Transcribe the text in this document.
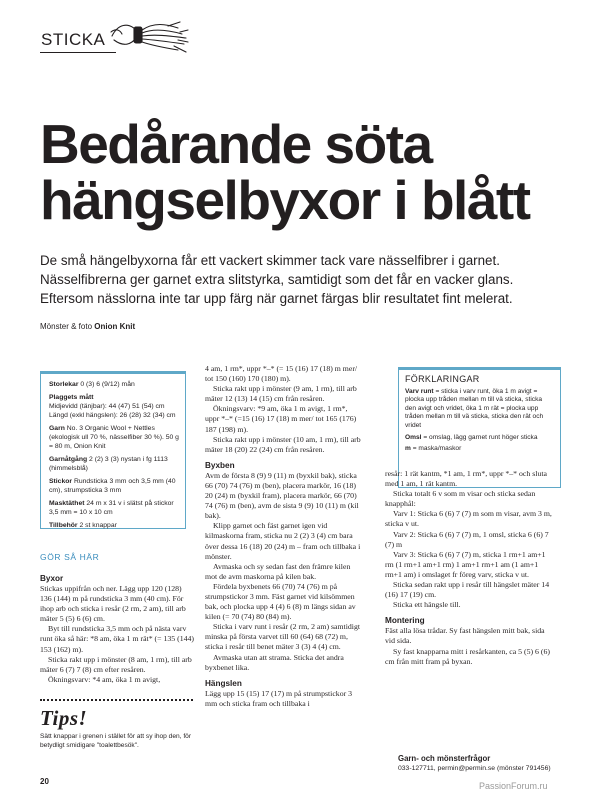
STICKA
Bedårande söta
hängselbyxor i blått
De små hängelbyxorna får ett vackert skimmer tack vare nässelfibrer i garnet.
Nässelfibrerna ger garnet extra slitstyrka, samtidigt som det får en vacker glans.
Eftersom nässlorna inte tar upp färg när garnet färgas blir resultatet fint melerat.
Mönster & foto Onion Knit
Storlekar 0 (3) 6 (9/12) mån
Plaggets mått
Midjevidd (tänjbar): 44 (47) 51 (54) cm Längd (exkl hängslen): 26 (28) 32 (34) cm
Garn No. 3 Organic Wool + Nettles (ekologisk ull 70 %, nässelfiber 30 %). 50 g = 80 m, Onion Knit
Garnåtgång 2 (2) 3 (3) nystan i fg 1113 (himmelsblå)
Stickor Rundsticka 3 mm och 3,5 mm (40 cm), strumpsticka 3 mm
Masktäthet 24 m x 31 v i slätst på stickor 3,5 mm = 10 x 10 cm
Tillbehör 2 st knappar
GÖR SÅ HÄR
Byxor

Stickas uppifrån och ner. Lägg upp 120 (128) 136 (144) m på rundsticka 3 mm (40 cm). För ihop arb och sticka i resår (2 rm, 2 am), till arb mäter 5 (5) 6 (6) cm.

Byt till rundsticka 3,5 mm och på nästa varv runt öka så här: *8 am, öka 1 m rät* (= 135 (144) 153 (162) m).

Sticka rakt upp i mönster (8 am, 1 rm), till arb mäter 6 (7) 7 (8) cm efter resåren.

Ökningsvarv: *4 am, öka 1 m avigt,

4 am, 1 rm*, uppr *–* (= 15 (16) 17 (18) m mer/ tot 150 (160) 170 (180) m).

Sticka rakt upp i mönster (9 am, 1 rm), till arb mäter 12 (13) 14 (15) cm från resåren.

Ökningsvarv: *9 am, öka 1 m avigt, 1 rm*, uppr *–* (=15 (16) 17 (18) m mer/ tot 165 (176) 187 (198) m).

Sticka rakt upp i mönster (10 am, 1 rm), till arb mäter 18 (20) 22 (24) cm från resåren.

Byxben

Avm de första 8 (9) 9 (11) m (byxkil bak), sticka 66 (70) 74 (76) m (ben), placera markör, 16 (18) 20 (24) m (byxkil fram), placera markör, 66 (70) 74 (76) m (ben), avm de sista 9 (9) 10 (11) m (kil bak).

Klipp garnet och fäst garnet igen vid kilmaskorna fram, sticka nu 2 (2) 3 (4) cm bara över dessa 16 (18) 20 (24) m – fram och tillbaka i mönster.

Avmaska och sy sedan fast den främre kilen mot de avm maskorna på kilen bak.

Fördela byxbenets 66 (70) 74 (76) m på strumpstickor 3 mm. Fäst garnet vid kilsömmen bak, och plocka upp 4 (4) 6 (8) m längs sidan av kilen (= 70 (74) 80 (84) m).

Sticka i varv runt i resår (2 rm, 2 am) samtidigt minska på första varvet till 60 (64) 68 (72) m, sticka i resår till benet mäter 3 (3) 4 (4) cm.

Avmaska utan att strama. Sticka det andra byxbenet lika.

Hängslen

Lägg upp 15 (15) 17 (17) m på strumpstickor 3 mm och sticka fram och tillbaka i

FÖRKLARINGAR
Varv runt = sticka i varv runt, öka 1 m avigt = plocka upp tråden mellan m till vä sticka, sticka den avigt och vridet, öka 1 m rät = plocka upp tråden mellan m till vä sticka, sticka den rät och vridet
Omsl = omslag, lägg garnet runt höger sticka
m = maska/maskor

resår: 1 rät kantm, *1 am, 1 rm*, uppr *–* och sluta med 1 am, 1 rät kantm.

Sticka totalt 6 v som m visar och sticka sedan knapphål:

Varv 1: Sticka 6 (6) 7 (7) m som m visar, avm 3 m, sticka v ut.

Varv 2: Sticka 6 (6) 7 (7) m, 1 omsl, sticka 6 (6) 7 (7) m

Varv 3: Sticka 6 (6) 7 (7) m, sticka 1 rm+1 am+1 rm (1 rm+1 am+1 rm) 1 am+1 rm+1 am (1 am+1 rm+1 am) i omslaget fr föreg varv, sticka v ut.

Sticka sedan rakt upp i resår till hängslet mäter 14 (16) 17 (19) cm.

Sticka ett hängsle till.

Montering

Fäst alla lösa trådar. Sy fast hängslen mitt bak, sida vid sida.

Sy fast knapparna mitt i resårkanten, ca 5 (5) 6 (6) cm från mitt fram på byxan.

Tips!
Sätt knappar i grenen i stället för att sy ihop den, för betydligt smidigare "toalettbesök".
Garn- och mönsterfrågor
033-127711, permin@permin.se (mönster 791456)
20	PassionForum.ru
